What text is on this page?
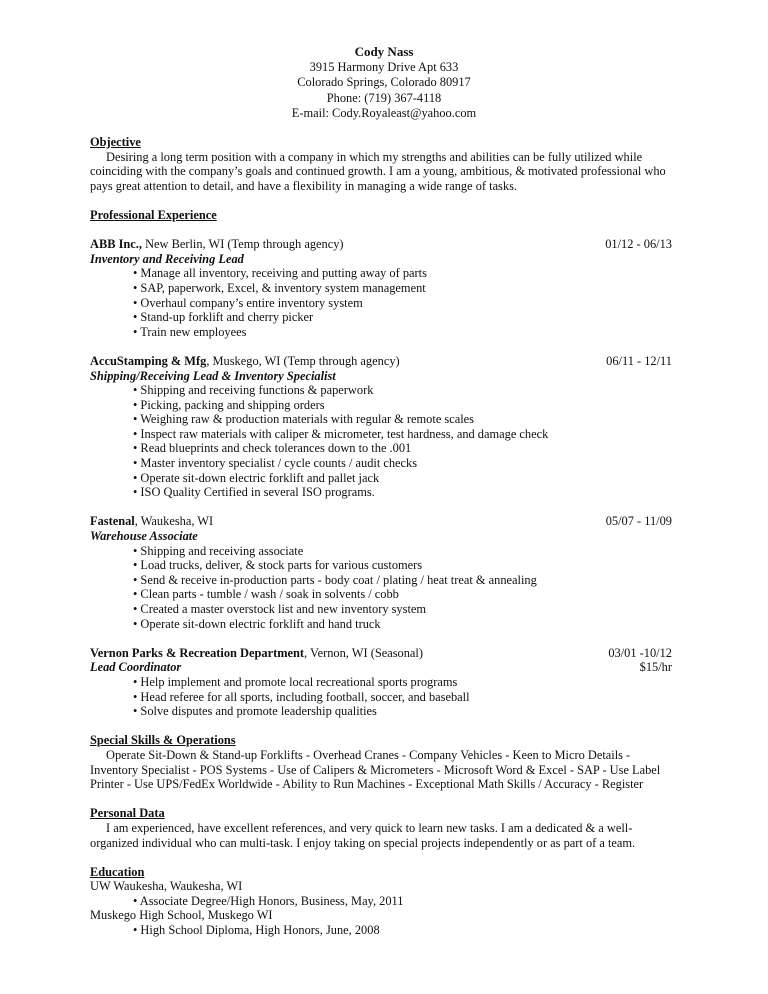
Cody Nass
3915 Harmony Drive Apt 633
Colorado Springs, Colorado 80917
Phone: (719) 367-4118
E-mail: Cody.Royaleast@yahoo.com
Objective

Desiring a long term position with a company in which my strengths and abilities can be fully utilized while coinciding with the company’s goals and continued growth. I am a young, ambitious, & motivated professional who pays great attention to detail, and have a flexibility in managing a wide range of tasks.

Professional Experience
ABB Inc., New Berlin, WI (Temp through agency)	01/12 - 06/13
Inventory and Receiving Lead
• Manage all inventory, receiving and putting away of parts
• SAP, paperwork, Excel, & inventory system management
• Overhaul company’s entire inventory system
• Stand-up forklift and cherry picker
• Train new employees
AccuStamping & Mfg, Muskego, WI (Temp through agency)	06/11 - 12/11
Shipping/Receiving Lead & Inventory Specialist
• Shipping and receiving functions & paperwork
• Picking, packing and shipping orders
• Weighing raw & production materials with regular & remote scales
• Inspect raw materials with caliper & micrometer, test hardness, and damage check
• Read blueprints and check tolerances down to the .001
• Master inventory specialist / cycle counts / audit checks
• Operate sit-down electric forklift and pallet jack
• ISO Quality Certified in several ISO programs.
Fastenal, Waukesha, WI	05/07 - 11/09
Warehouse Associate
• Shipping and receiving associate
• Load trucks, deliver, & stock parts for various customers
• Send & receive in-production parts - body coat / plating / heat treat & annealing
• Clean parts - tumble / wash / soak in solvents / cobb
• Created a master overstock list and new inventory system
• Operate sit-down electric forklift and hand truck
Vernon Parks & Recreation Department, Vernon, WI (Seasonal)	03/01 -10/12
Lead Coordinator	$15/hr
• Help implement and promote local recreational sports programs
• Head referee for all sports, including football, soccer, and baseball
• Solve disputes and promote leadership qualities
Special Skills & Operations

Operate Sit-Down & Stand-up Forklifts - Overhead Cranes - Company Vehicles - Keen to Micro Details - Inventory Specialist - POS Systems - Use of Calipers & Micrometers - Microsoft Word & Excel - SAP - Use Label Printer - Use UPS/FedEx Worldwide - Ability to Run Machines - Exceptional Math Skills / Accuracy - Register

Personal Data

I am experienced, have excellent references, and very quick to learn new tasks. I am a dedicated & a well-organized individual who can multi-task. I enjoy taking on special projects independently or as part of a team.

Education
UW Waukesha, Waukesha, WI
• Associate Degree/High Honors, Business, May, 2011
Muskego High School, Muskego WI
• High School Diploma, High Honors, June, 2008
